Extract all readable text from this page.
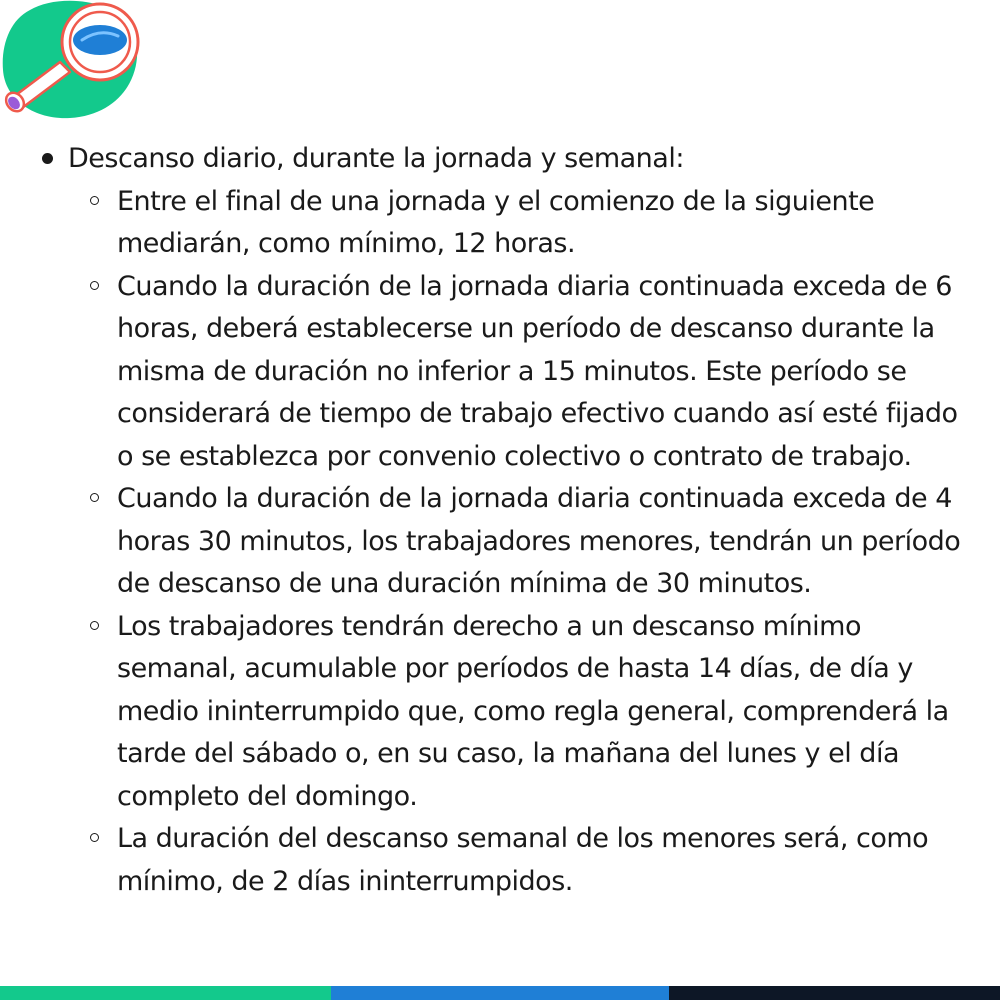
Descanso diario, durante la jornada y semanal:
Entre el final de una jornada y el comienzo de la siguiente mediarán, como mínimo, 12 horas.
Cuando la duración de la jornada diaria continuada exceda de 6 horas, deberá establecerse un período de descanso durante la misma de duración no inferior a 15 minutos. Este período se considerará de tiempo de trabajo efectivo cuando así esté fijado o se establezca por convenio colectivo o contrato de trabajo.
Cuando la duración de la jornada diaria continuada exceda de 4 horas 30 minutos, los trabajadores menores, tendrán un período de descanso de una duración mínima de 30 minutos.
Los trabajadores tendrán derecho a un descanso mínimo semanal, acumulable por períodos de hasta 14 días, de día y medio ininterrumpido que, como regla general, comprenderá la tarde del sábado o, en su caso, la mañana del lunes y el día completo del domingo.
La duración del descanso semanal de los menores será, como mínimo, de 2 días ininterrumpidos.
